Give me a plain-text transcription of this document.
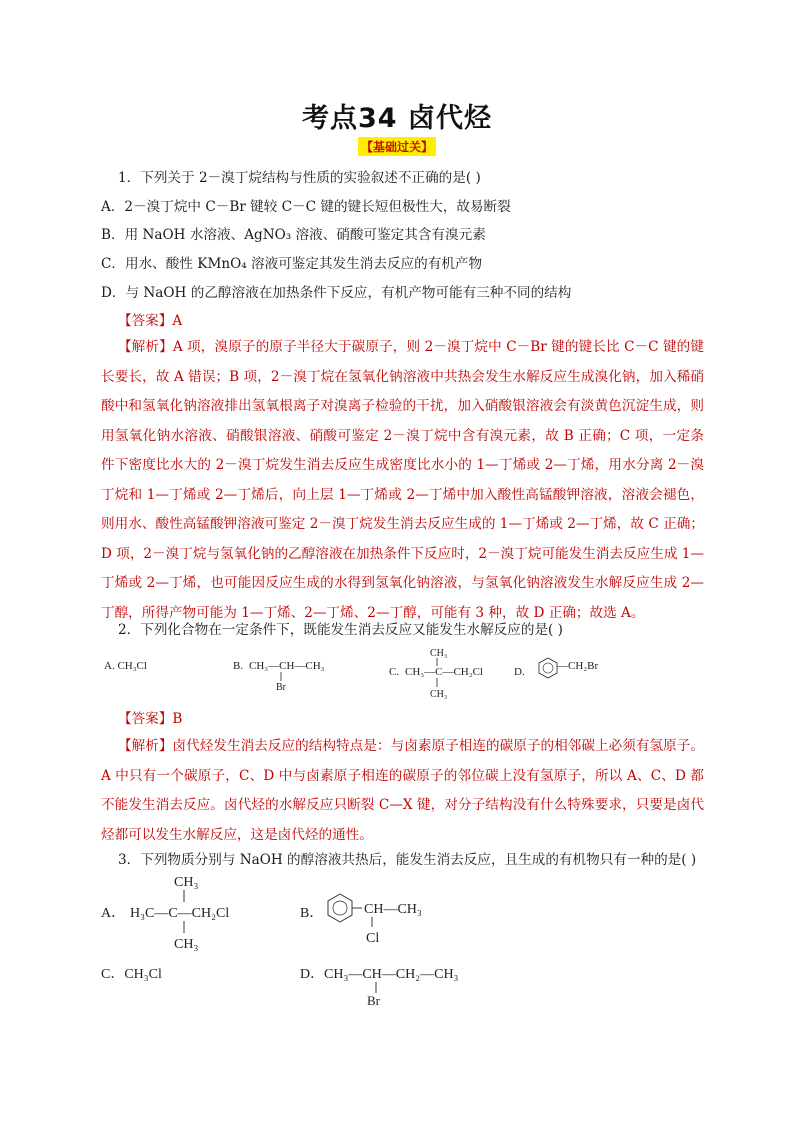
考点34 卤代烃
【基础过关】
1．下列关于 2－溴丁烷结构与性质的实验叙述不正确的是( )
A．2－溴丁烷中 C－Br 键较 C－C 键的键长短但极性大，故易断裂
B．用 NaOH 水溶液、AgNO₃ 溶液、硝酸可鉴定其含有溴元素
C．用水、酸性 KMnO₄ 溶液可鉴定其发生消去反应的有机产物
D．与 NaOH 的乙醇溶液在加热条件下反应，有机产物可能有三种不同的结构
【答案】A
【解析】A 项，溴原子的原子半径大于碳原子，则 2－溴丁烷中 C－Br 键的键长比 C－C 键的键长要长，故 A 错误；B 项，2－溴丁烷在氢氧化钠溶液中共热会发生水解反应生成溴化钠，加入稀硝酸中和氢氧化钠溶液排出氢氧根离子对溴离子检验的干扰，加入硝酸银溶液会有淡黄色沉淀生成，则用氢氧化钠水溶液、硝酸银溶液、硝酸可鉴定 2－溴丁烷中含有溴元素，故 B 正确；C 项，一定条件下密度比水大的 2－溴丁烷发生消去反应生成密度比水小的 1—丁烯或 2—丁烯，用水分离 2－溴丁烷和 1—丁烯或 2—丁烯后，向上层 1—丁烯或 2—丁烯中加入酸性高锰酸钾溶液，溶液会褪色，则用水、酸性高锰酸钾溶液可鉴定 2－溴丁烷发生消去反应生成的 1—丁烯或 2—丁烯，故 C 正确；D 项，2－溴丁烷与氢氧化钠的乙醇溶液在加热条件下反应时，2－溴丁烷可能发生消去反应生成 1—丁烯或 2—丁烯，也可能因反应生成的水得到氢氧化钠溶液，与氢氧化钠溶液发生水解反应生成 2—丁醇，所得产物可能为 1—丁烯、2—丁烯、2—丁醇，可能有 3 种，故 D 正确；故选 A。
2．下列化合物在一定条件下，既能发生消去反应又能发生水解反应的是( )
A. CH₃Cl	B. CH₃—CH—CH₃
Br
CH₃
C. CH₃—C—CH₂Cl
CH₃
D.	—CH₂Br
【答案】B
【解析】卤代烃发生消去反应的结构特点是：与卤素原子相连的碳原子的相邻碳上必须有氢原子。A 中只有一个碳原子，C、D 中与卤素原子相连的碳原子的邻位碳上没有氢原子，所以 A、C、D 都不能发生消去反应。卤代烃的水解反应只断裂 C—X 键，对分子结构没有什么特殊要求，只要是卤代烃都可以发生水解反应，这是卤代烃的通性。
3．下列物质分别与 NaOH 的醇溶液共热后，能发生消去反应，且生成的有机物只有一种的是( )
CH₃
A． H₃C—C—CH₂Cl
CH₃
B．	CH—CH₃
Cl
C．CH₃Cl	D． CH₃—CH—CH₂—CH₃
Br
